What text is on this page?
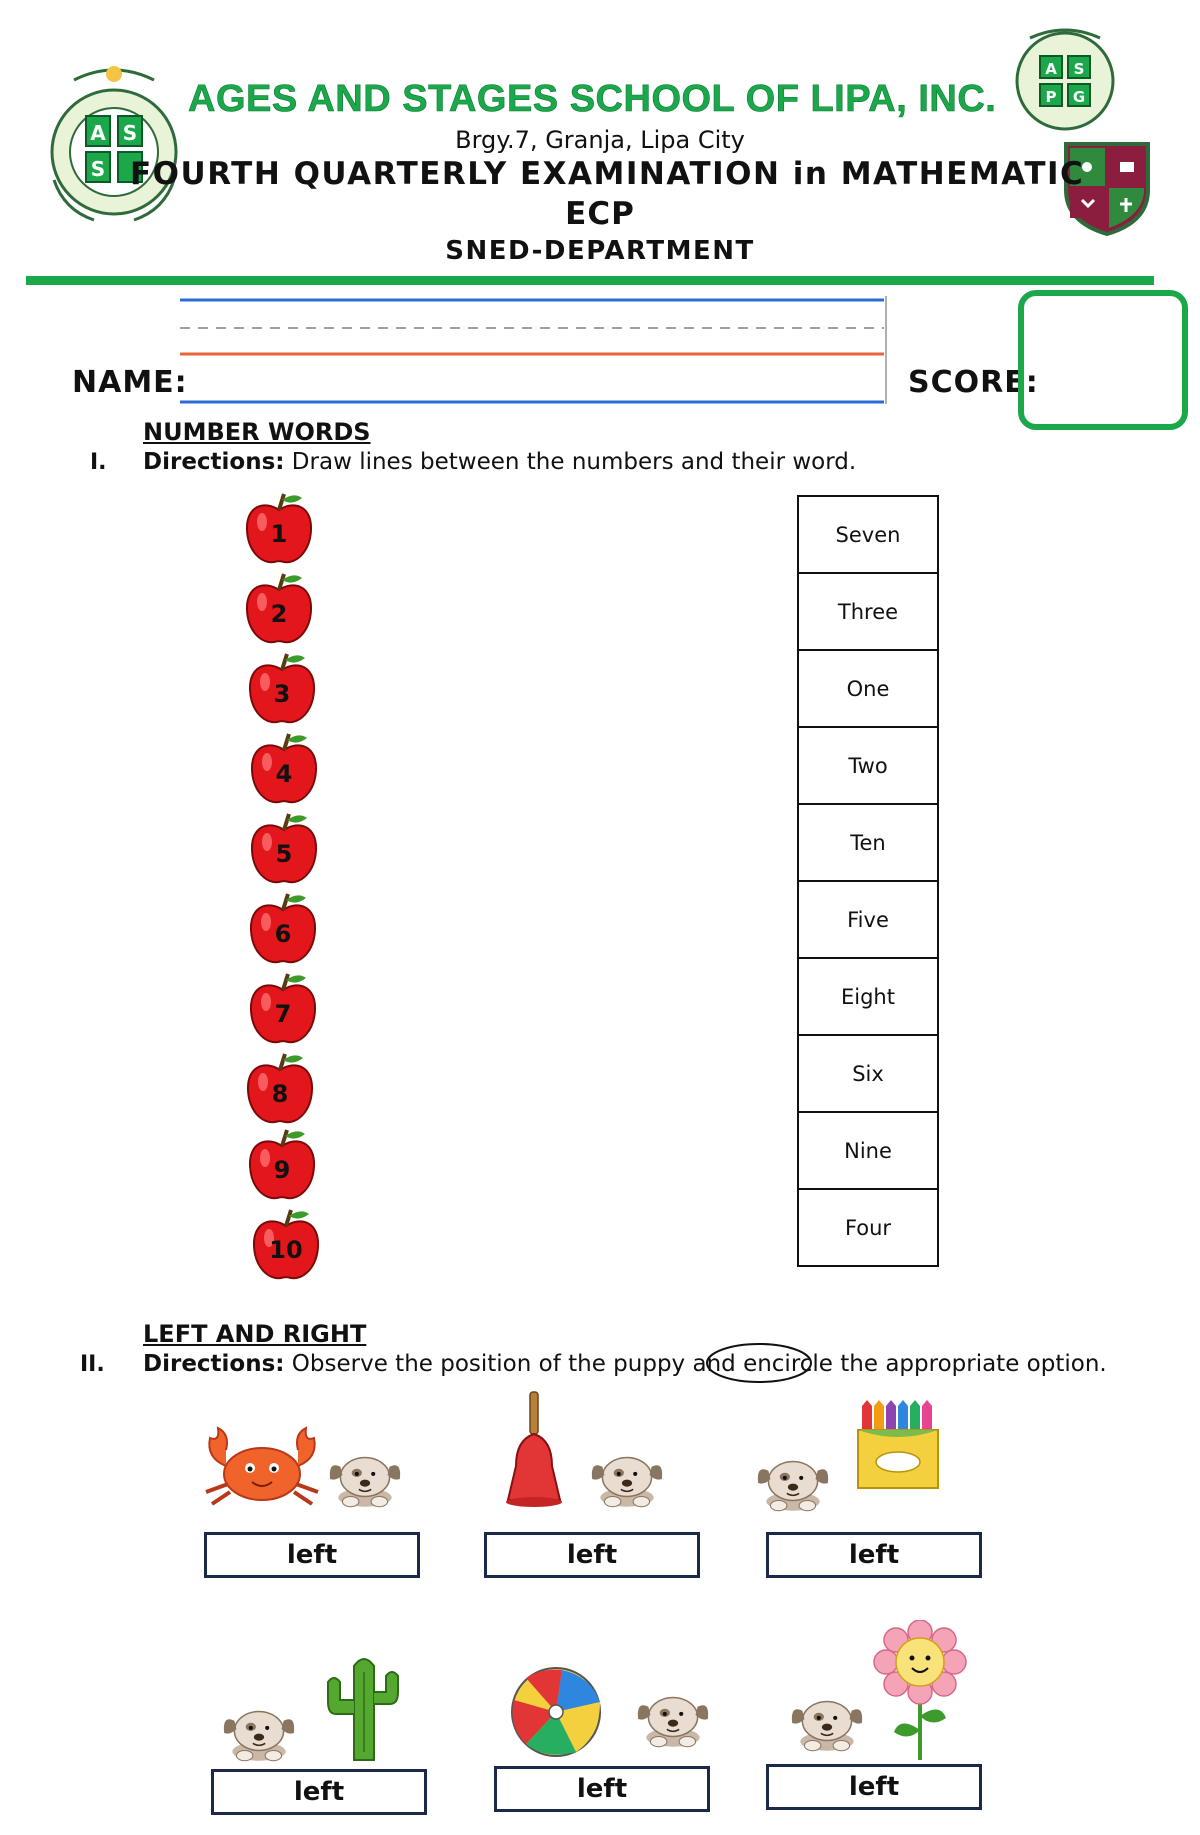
A S
S
AGES AND STAGES SCHOOL OF LIPA, INC.
A S
P G
Brgy.7, Granja, Lipa City
FOURTH QUARTERLY EXAMINATION in MATHEMATIC
ECP
SNED-DEPARTMENT
NAME:	SCORE:
NUMBER WORDS
I. Directions: Draw lines between the numbers and their word.
1
2
3
4
5
6
7
8
9
10
Seven
Three
One
Two
Ten
Five
Eight
Six
Nine
Four
LEFT AND RIGHT
II. Directions: Observe the position of the puppy and encircle the appropriate option.
left	left	left
left	left	left
